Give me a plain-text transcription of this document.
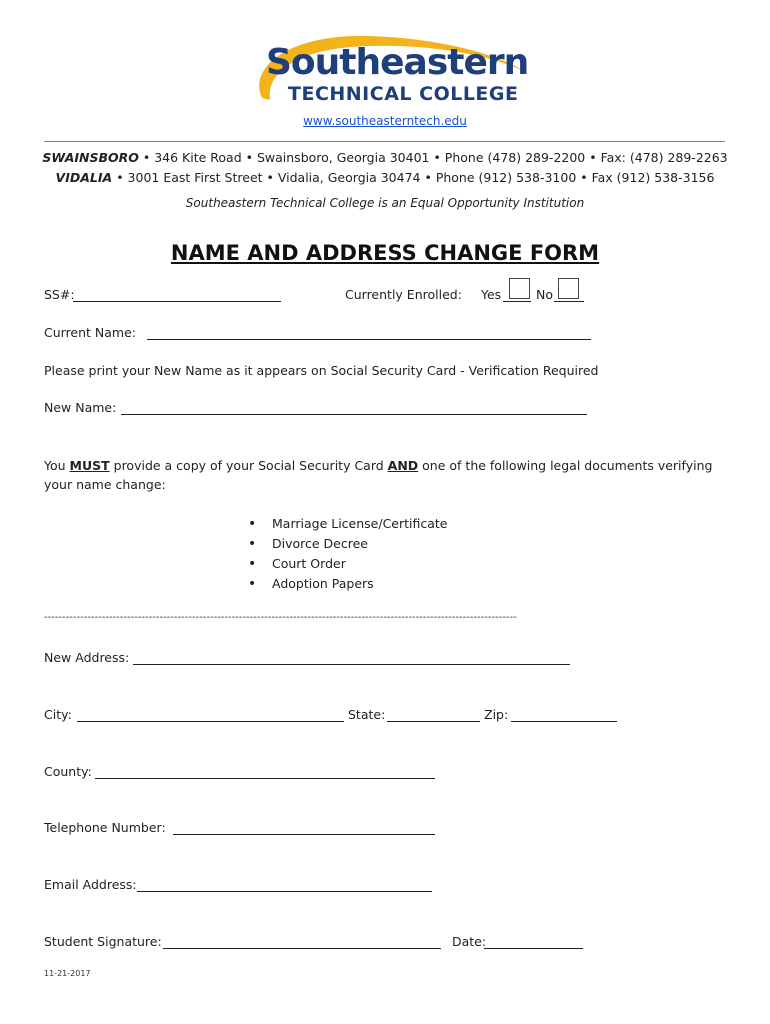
Southeastern
TECHNICAL COLLEGE
www.southeasterntech.edu
SWAINSBORO • 346 Kite Road • Swainsboro, Georgia 30401 • Phone (478) 289-2200 • Fax: (478) 289-2263
VIDALIA • 3001 East First Street • Vidalia, Georgia 30474 • Phone (912) 538-3100 • Fax (912) 538-3156
Southeastern Technical College is an Equal Opportunity Institution
NAME AND ADDRESS CHANGE FORM
SS#:	Currently Enrolled: Yes	No
Current Name:
Please print your New Name as it appears on Social Security Card - Verification Required
New Name:
You MUST provide a copy of your Social Security Card AND one of the following legal documents verifying
your name change:
• Marriage License/Certificate
• Divorce Decree
• Court Order
• Adoption Papers
-----------------------------------------------------------------------------------------------------------------------------------
New Address:
City:	State:	Zip:
County:
Telephone Number:
Email Address:
Student Signature:	Date:
11-21-2017
